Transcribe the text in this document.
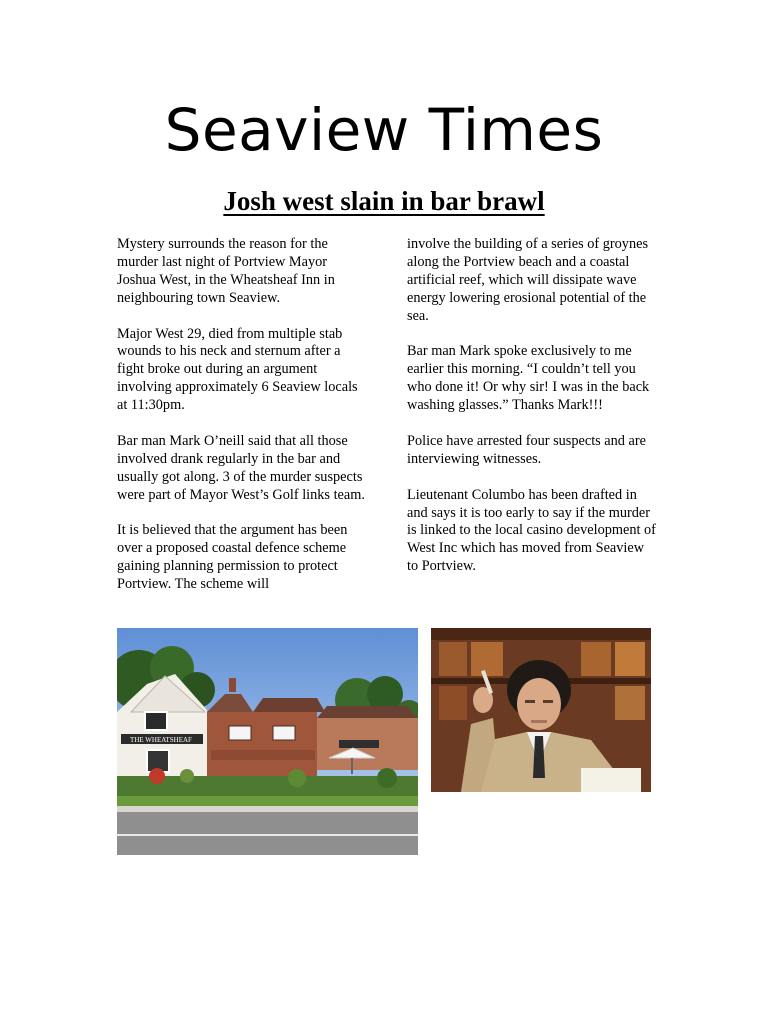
Seaview Times
Josh west slain in bar brawl

Mystery surrounds the reason for the murder last night of Portview Mayor Joshua West, in the Wheatsheaf Inn in neighbouring town Seaview.

Major West 29, died from multiple stab wounds to his neck and sternum after a fight broke out during an argument involving approximately 6 Seaview locals at 11:30pm.

Bar man Mark O’neill said that all those involved drank regularly in the bar and usually got along. 3 of the murder suspects were part of Mayor West’s Golf links team.

It is believed that the argument has been over a proposed coastal defence scheme gaining planning permission to protect Portview. The scheme will

involve the building of a series of groynes along the Portview beach and a coastal artificial reef, which will dissipate wave energy lowering erosional potential of the sea.

Bar man Mark spoke exclusively to me earlier this morning. “I couldn’t tell you who done it! Or why sir! I was in the back washing glasses.” Thanks Mark!!!

Police have arrested four suspects and are interviewing witnesses.

Lieutenant Columbo has been drafted in and says it is too early to say if the murder is linked to the local casino development of West Inc which has moved from Seaview to Portview.

THE WHEATSHEAF
